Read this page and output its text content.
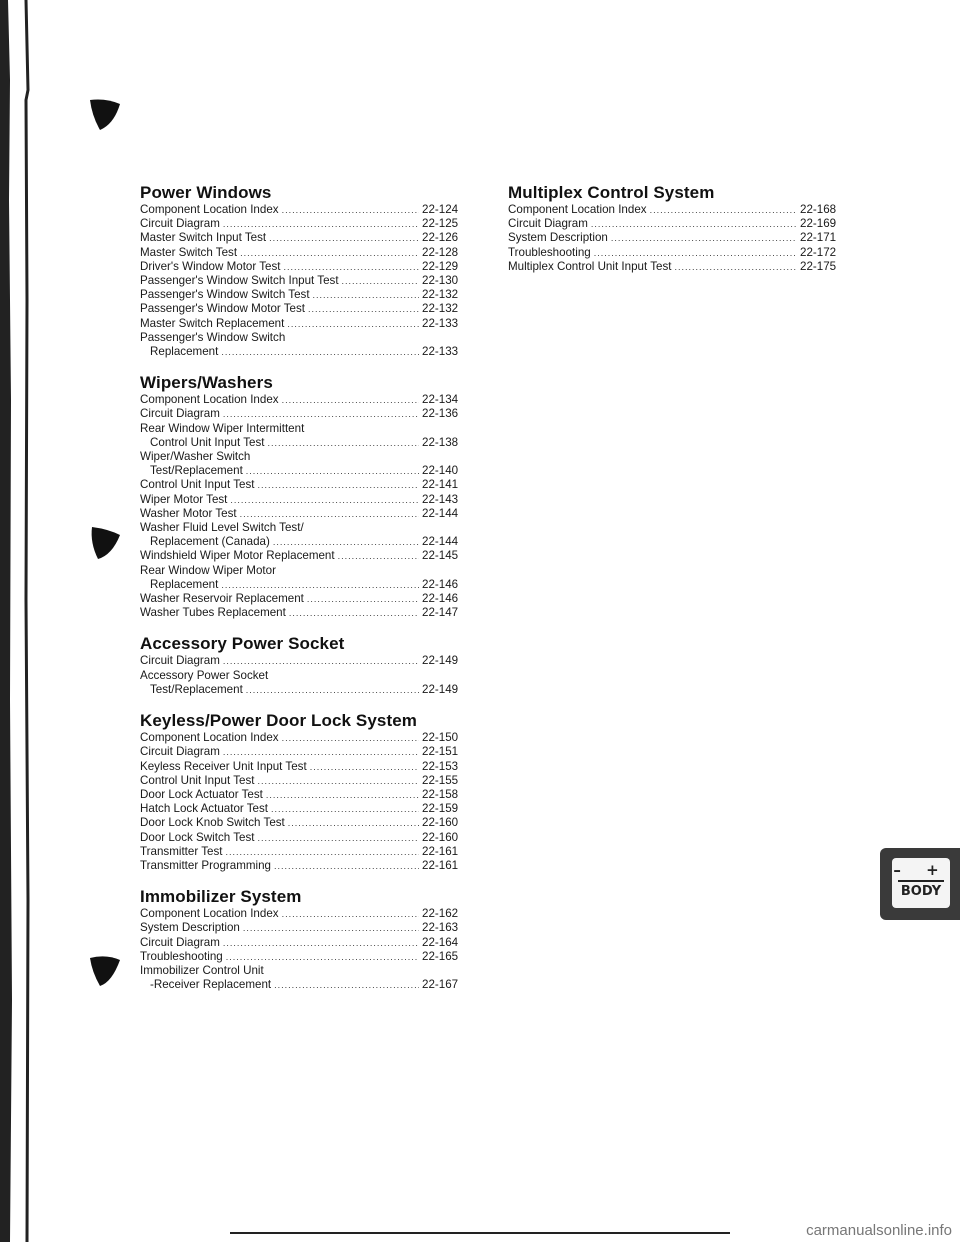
Power Windows
Component Location Index .....	22-124
Circuit Diagram .....	22-125
Master Switch Input Test .....	22-126
Master Switch Test .....	22-128
Driver's Window Motor Test .....	22-129
Passenger's Window Switch Input Test .....	22-130
Passenger's Window Switch Test .....	22-132
Passenger's Window Motor Test .....	22-132
Master Switch Replacement .....	22-133
Passenger's Window Switch
Replacement .....	22-133
Wipers/Washers
Component Location Index .....	22-134
Circuit Diagram .....	22-136
Rear Window Wiper Intermittent
Control Unit Input Test .....	22-138
Wiper/Washer Switch
Test/Replacement .....	22-140
Control Unit Input Test .....	22-141
Wiper Motor Test .....	22-143
Washer Motor Test .....	22-144
Washer Fluid Level Switch Test/
Replacement (Canada) .....	22-144
Windshield Wiper Motor Replacement .....	22-145
Rear Window Wiper Motor
Replacement .....	22-146
Washer Reservoir Replacement .....	22-146
Washer Tubes Replacement .....	22-147
Accessory Power Socket
Circuit Diagram .....	22-149
Accessory Power Socket
Test/Replacement .....	22-149
Keyless/Power Door Lock System
Component Location Index .....	22-150
Circuit Diagram .....	22-151
Keyless Receiver Unit Input Test .....	22-153
Control Unit Input Test .....	22-155
Door Lock Actuator Test .....	22-158
Hatch Lock Actuator Test .....	22-159
Door Lock Knob Switch Test .....	22-160
Door Lock Switch Test .....	22-160
Transmitter Test .....	22-161
Transmitter Programming .....	22-161
Immobilizer System
Component Location Index .....	22-162
System Description .....	22-163
Circuit Diagram .....	22-164
Troubleshooting .....	22-165
Immobilizer Control Unit
-Receiver Replacement .....	22-167
Multiplex Control System
Component Location Index .....	22-168
Circuit Diagram .....	22-169
System Description .....	22-171
Troubleshooting .....	22-172
Multiplex Control Unit Input Test .....	22-175
– +
BODY
carmanualsonline.info
